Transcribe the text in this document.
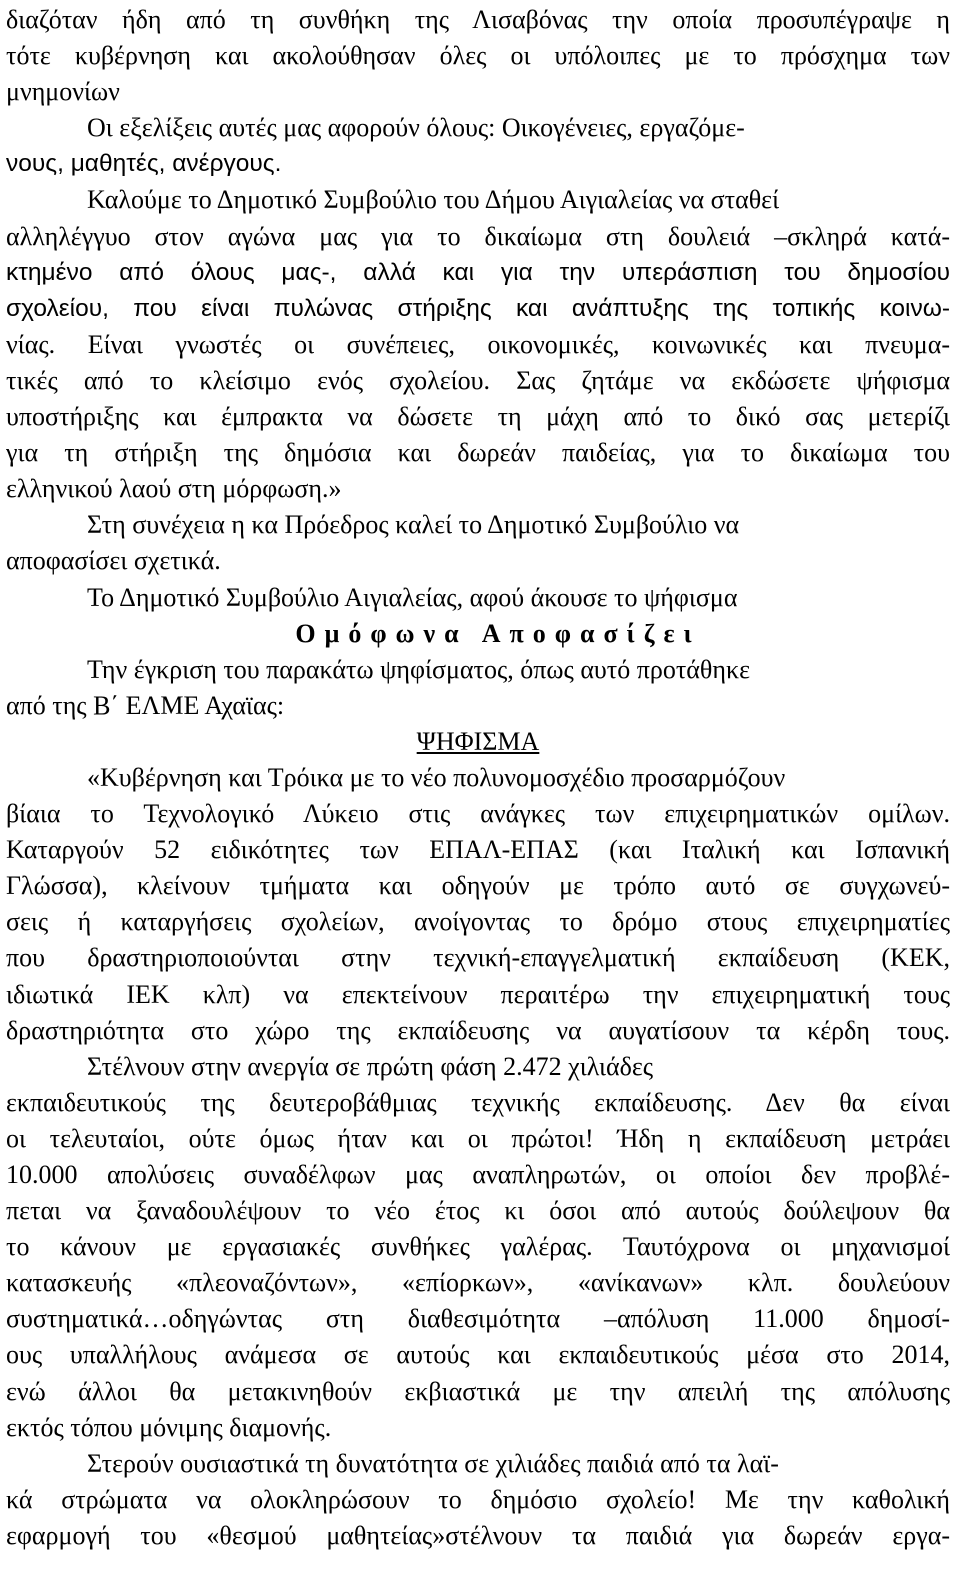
διαζόταν ήδη από τη συνθήκη της Λισαβόνας την οποία προσυπέγραψε η
τότε κυβέρνηση και ακολούθησαν όλες οι υπόλοιπες με το πρόσχημα των
μνημονίων
Οι εξελίξεις αυτές μας αφορούν όλους: Οικογένειες, εργαζόμε-
νους, μαθητές, ανέργους.
Καλούμε το Δημοτικό Συμβούλιο του Δήμου Αιγιαλείας να σταθεί
αλληλέγγυο στον αγώνα μας για το δικαίωμα στη δουλειά –σκληρά κατά-
κτημένο από όλους μας-, αλλά και για την υπεράσπιση του δημοσίου
σχολείου, που είναι πυλώνας στήριξης και ανάπτυξης της τοπικής κοινω-
νίας. Είναι γνωστές οι συνέπειες, οικονομικές, κοινωνικές και πνευμα-
τικές από το κλείσιμο ενός σχολείου. Σας ζητάμε να εκδώσετε ψήφισμα
υποστήριξης και έμπρακτα να δώσετε τη μάχη από το δικό σας μετερίζι
για τη στήριξη της δημόσια και δωρεάν παιδείας, για το δικαίωμα του
ελληνικού λαού στη μόρφωση.»
Στη συνέχεια η κα Πρόεδρος καλεί το Δημοτικό Συμβούλιο να
αποφασίσει σχετικά.
Το Δημοτικό Συμβούλιο Αιγιαλείας, αφού άκουσε το ψήφισμα
Ομόφωνα Αποφασίζει
Την έγκριση του παρακάτω ψηφίσματος, όπως αυτό προτάθηκε
από της Β΄ ΕΛΜΕ Αχαϊας:
ΨΗΦΙΣΜΑ
«Κυβέρνηση και Τρόικα με το νέο πολυνομοσχέδιο προσαρμόζουν
βίαια το Τεχνολογικό Λύκειο στις ανάγκες των επιχειρηματικών ομίλων.
Καταργούν 52 ειδικότητες των ΕΠΑΛ-ΕΠΑΣ (και Ιταλική και Ισπανική
Γλώσσα), κλείνουν τμήματα και οδηγούν με τρόπο αυτό σε συγχωνεύ-
σεις ή καταργήσεις σχολείων, ανοίγοντας το δρόμο στους επιχειρηματίες
που δραστηριοποιούνται στην τεχνική-επαγγελματική εκπαίδευση (ΚΕΚ,
ιδιωτικά ΙΕΚ κλπ) να επεκτείνουν περαιτέρω την επιχειρηματική τους
δραστηριότητα στο χώρο της εκπαίδευσης να αυγατίσουν τα κέρδη τους.
Στέλνουν στην ανεργία σε πρώτη φάση 2.472 χιλιάδες
εκπαιδευτικούς της δευτεροβάθμιας τεχνικής εκπαίδευσης. Δεν θα είναι
οι τελευταίοι, ούτε όμως ήταν και οι πρώτοι! Ήδη η εκπαίδευση μετράει
10.000 απολύσεις συναδέλφων μας αναπληρωτών, οι οποίοι δεν προβλέ-
πεται να ξαναδουλέψουν το νέο έτος κι όσοι από αυτούς δούλεψουν θα
το κάνουν με εργασιακές συνθήκες γαλέρας. Ταυτόχρονα οι μηχανισμοί
κατασκευής «πλεοναζόντων», «επίορκων», «ανίκανων» κλπ. δουλεύουν
συστηματικά…οδηγώντας στη διαθεσιμότητα –απόλυση 11.000 δημοσί-
ους υπαλλήλους ανάμεσα σε αυτούς και εκπαιδευτικούς μέσα στο 2014,
ενώ άλλοι θα μετακινηθούν εκβιαστικά με την απειλή της απόλυσης
εκτός τόπου μόνιμης διαμονής.
Στερούν ουσιαστικά τη δυνατότητα σε χιλιάδες παιδιά από τα λαϊ-
κά στρώματα να ολοκληρώσουν το δημόσιο σχολείο! Με την καθολική
εφαρμογή του «θεσμού μαθητείας»στέλνουν τα παιδιά για δωρεάν εργα-
